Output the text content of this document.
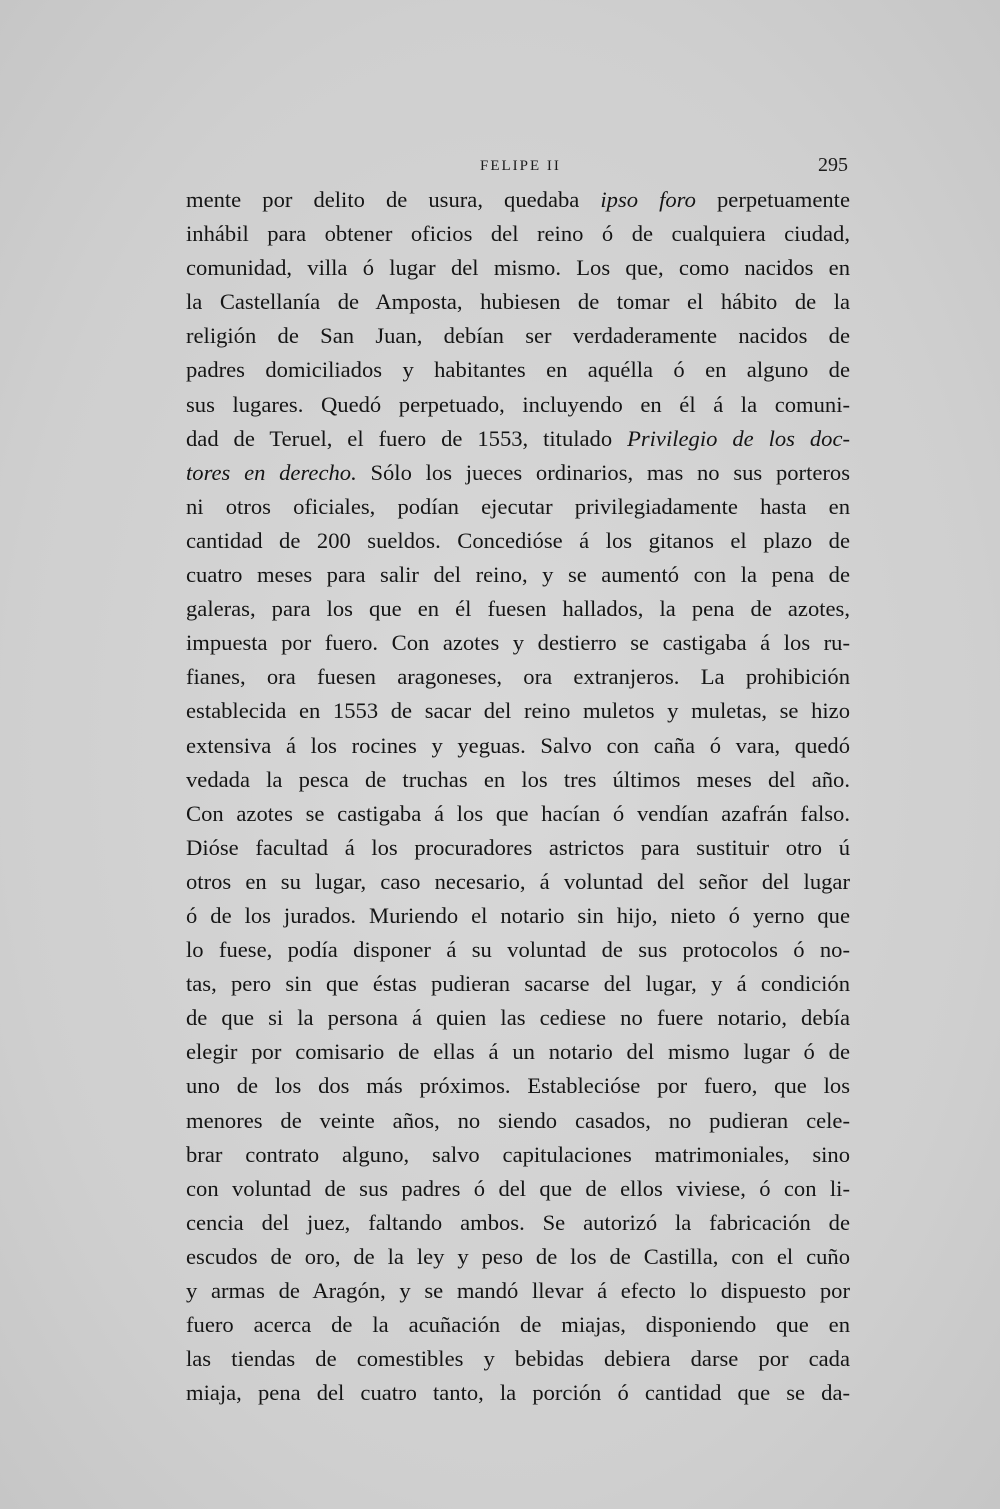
FELIPE II	295
mente por delito de usura, quedaba ipso foro perpetuamente
inhábil para obtener oficios del reino ó de cualquiera ciudad,
comunidad, villa ó lugar del mismo. Los que, como nacidos en
la Castellanía de Amposta, hubiesen de tomar el hábito de la
religión de San Juan, debían ser verdaderamente nacidos de
padres domiciliados y habitantes en aquélla ó en alguno de
sus lugares. Quedó perpetuado, incluyendo en él á la comuni-
dad de Teruel, el fuero de 1553, titulado Privilegio de los doc-
tores en derecho. Sólo los jueces ordinarios, mas no sus porteros
ni otros oficiales, podían ejecutar privilegiadamente hasta en
cantidad de 200 sueldos. Concedióse á los gitanos el plazo de
cuatro meses para salir del reino, y se aumentó con la pena de
galeras, para los que en él fuesen hallados, la pena de azotes,
impuesta por fuero. Con azotes y destierro se castigaba á los ru-
fianes, ora fuesen aragoneses, ora extranjeros. La prohibición
establecida en 1553 de sacar del reino muletos y muletas, se hizo
extensiva á los rocines y yeguas. Salvo con caña ó vara, quedó
vedada la pesca de truchas en los tres últimos meses del año.
Con azotes se castigaba á los que hacían ó vendían azafrán falso.
Dióse facultad á los procuradores astrictos para sustituir otro ú
otros en su lugar, caso necesario, á voluntad del señor del lugar
ó de los jurados. Muriendo el notario sin hijo, nieto ó yerno que
lo fuese, podía disponer á su voluntad de sus protocolos ó no-
tas, pero sin que éstas pudieran sacarse del lugar, y á condición
de que si la persona á quien las cediese no fuere notario, debía
elegir por comisario de ellas á un notario del mismo lugar ó de
uno de los dos más próximos. Establecióse por fuero, que los
menores de veinte años, no siendo casados, no pudieran cele-
brar contrato alguno, salvo capitulaciones matrimoniales, sino
con voluntad de sus padres ó del que de ellos viviese, ó con li-
cencia del juez, faltando ambos. Se autorizó la fabricación de
escudos de oro, de la ley y peso de los de Castilla, con el cuño
y armas de Aragón, y se mandó llevar á efecto lo dispuesto por
fuero acerca de la acuñación de miajas, disponiendo que en
las tiendas de comestibles y bebidas debiera darse por cada
miaja, pena del cuatro tanto, la porción ó cantidad que se da-
